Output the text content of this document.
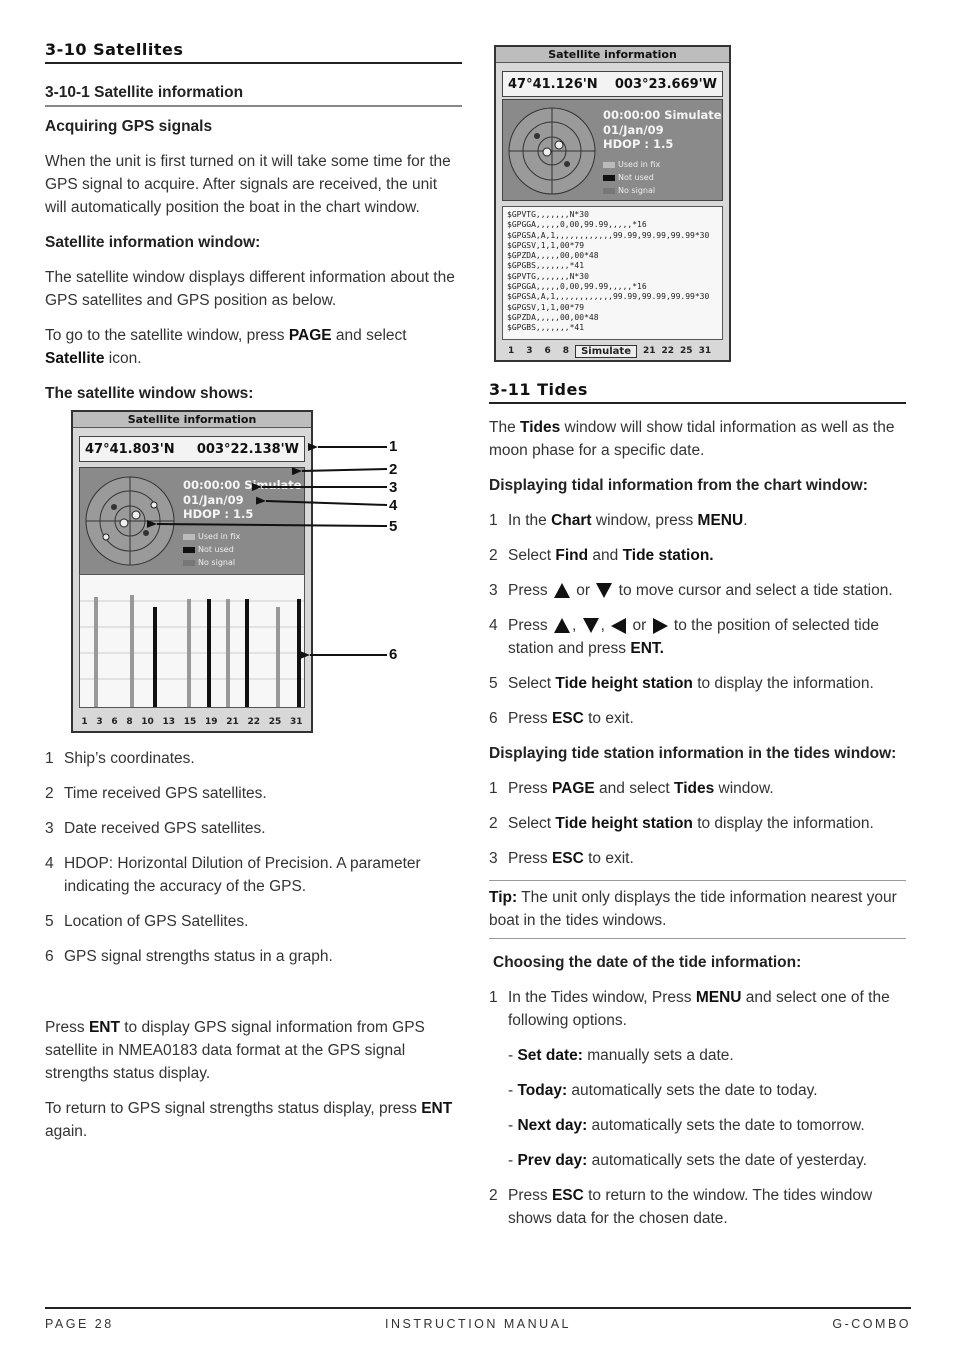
3-10 Satellites
3-10-1 Satellite information
Acquiring GPS signals

When the unit is first turned on it will take some time for the GPS signal to acquire. After signals are received, the unit will automatically position the boat in the chart window.

Satellite information window:

The satellite window displays different information about the GPS satellites and GPS position as below.

To go to the satellite window, press PAGE and select Satellite icon.

The satellite window shows:
Satellite information
47°41.803'N 003°22.138'W
00:00:00 Simulate
01/Jan/09
HDOP : 1.5
Used in fix
Not used
No signal
1 3 6 8 10 13 15 19 21 22 25 31
1
2
3
4
5
6
1 Ship’s coordinates.
2 Time received GPS satellites.
3 Date received GPS satellites.
4 HDOP: Horizontal Dilution of Precision. A parameter indicating the accuracy of the GPS.
5 Location of GPS Satellites.
6 GPS signal strengths status in a graph.

Press ENT to display GPS signal information from GPS satellite in NMEA0183 data format at the GPS signal strengths status display.

To return to GPS signal strengths status display, press ENT again.

Satellite information
47°41.126'N 003°23.669'W
00:00:00 Simulate
01/Jan/09
HDOP : 1.5
Used in fix
Not used
No signal
$GPVTG,,,,,,,N*30
$GPGGA,,,,,0,00,99.99,,,,,*16
$GPGSA,A,1,,,,,,,,,,,,99.99,99.99,99.99*30
$GPGSV,1,1,00*79
$GPZDA,,,,,00,00*48
$GPGBS,,,,,,,*41
$GPVTG,,,,,,,N*30
$GPGGA,,,,,0,00,99.99,,,,,*16
$GPGSA,A,1,,,,,,,,,,,,99.99,99.99,99.99*30
$GPGSV,1,1,00*79
$GPZDA,,,,,00,00*48
$GPGBS,,,,,,,*41
1 3 6 8	Simulate	21 22 25 31
3-11 Tides

The Tides window will show tidal information as well as the moon phase for a specific date.

Displaying tidal information from the chart window:
1 In the Chart window, press MENU.
2 Select Find and Tide station.
3 Press  or  to move cursor and select a tide station.
4 Press , ,  or  to the position of selected tide station and press ENT.
5 Select Tide height station to display the information.
6 Press ESC to exit.
Displaying tide station information in the tides window:
1 Press PAGE and select Tides window.
2 Select Tide height station to display the information.
3 Press ESC to exit.
Tip: The unit only displays the tide information nearest your boat in the tides windows.
Choosing the date of the tide information:
1 In the Tides window, Press MENU and select one of the following options.
- Set date: manually sets a date.
- Today: automatically sets the date to today.
- Next day: automatically sets the date to tomorrow.
- Prev day: automatically sets the date of yesterday.
2 Press ESC to return to the window. The tides window shows data for the chosen date.
PAGE 28	G-COMBO
INSTRUCTION MANUAL
